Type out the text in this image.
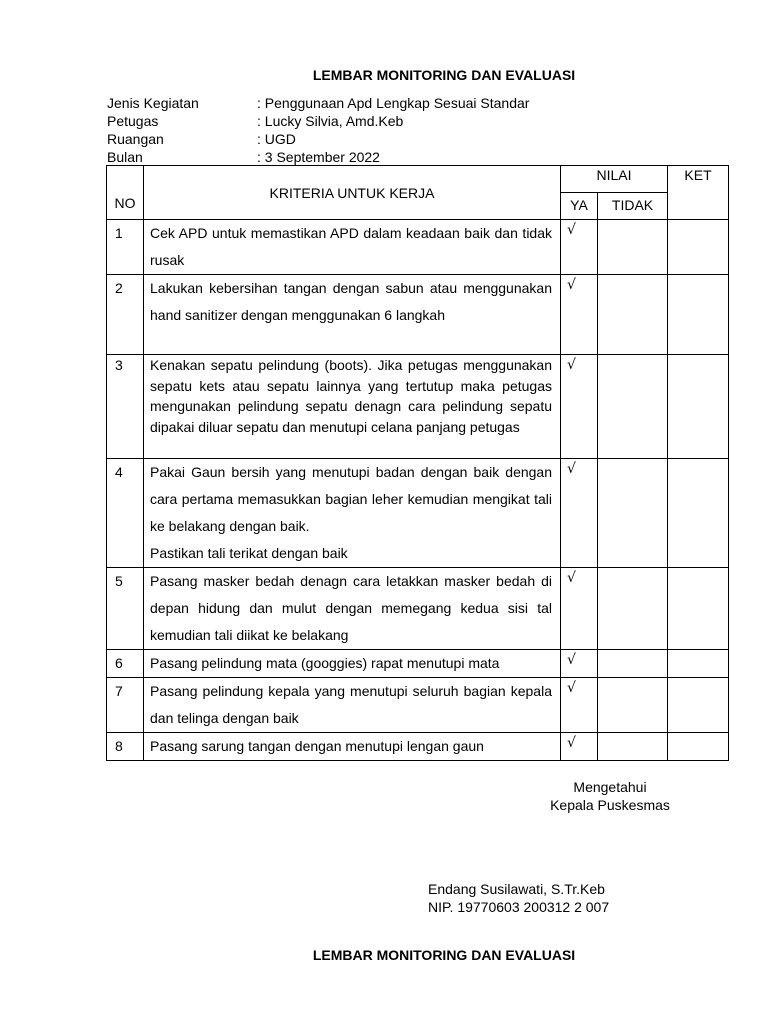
LEMBAR MONITORING DAN EVALUASI
Jenis Kegiatan	: Penggunaan Apd Lengkap Sesuai Standar
Petugas	: Lucky Silvia, Amd.Keb
Ruangan	: UGD
Bulan	: 3 September 2022
NO	KRITERIA UNTUK KERJA	NILAI		KET
		YA	TIDAK	
1	Cek APD untuk memastikan APD dalam keadaan baik dan tidak rusak	√		
2	Lakukan kebersihan tangan dengan sabun atau menggunakan hand sanitizer dengan menggunakan 6 langkah	√		
3	Kenakan sepatu pelindung (boots). Jika petugas menggunakan sepatu kets atau sepatu lainnya yang tertutup maka petugas mengunakan pelindung sepatu denagn cara pelindung sepatu dipakai diluar sepatu dan menutupi celana panjang petugas	√		
4	Pakai Gaun bersih yang menutupi badan dengan baik dengan cara pertama memasukkan bagian leher kemudian mengikat tali ke belakang dengan baik.

Pastikan tali terikat dengan baik	√		
5	Pasang masker bedah denagn cara letakkan masker bedah di depan hidung dan mulut dengan memegang kedua sisi tal kemudian tali diikat ke belakang	√		
6	Pasang pelindung mata (googgies) rapat menutupi mata	√		
7	Pasang pelindung kepala yang menutupi seluruh bagian kepala dan telinga dengan baik	√		
8	Pasang sarung tangan dengan menutupi lengan gaun	√		
Mengetahui
Kepala Puskesmas
Endang Susilawati, S.Tr.Keb
NIP. 19770603 200312 2 007
LEMBAR MONITORING DAN EVALUASI
